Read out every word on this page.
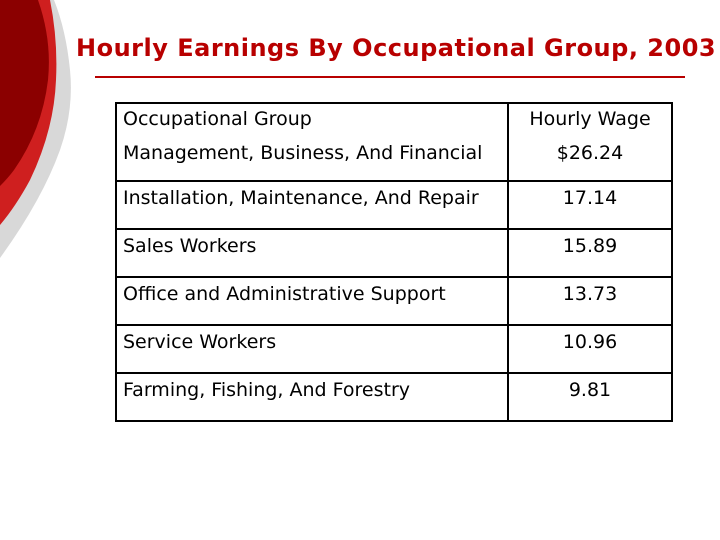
Hourly Earnings By Occupational Group, 2003
Occupational Group	Hourly Wage
Management, Business, And Financial	$26.24
Installation, Maintenance, And Repair	17.14
Sales Workers	15.89
Office and Administrative Support	13.73
Service Workers	10.96
Farming, Fishing, And Forestry	9.81
